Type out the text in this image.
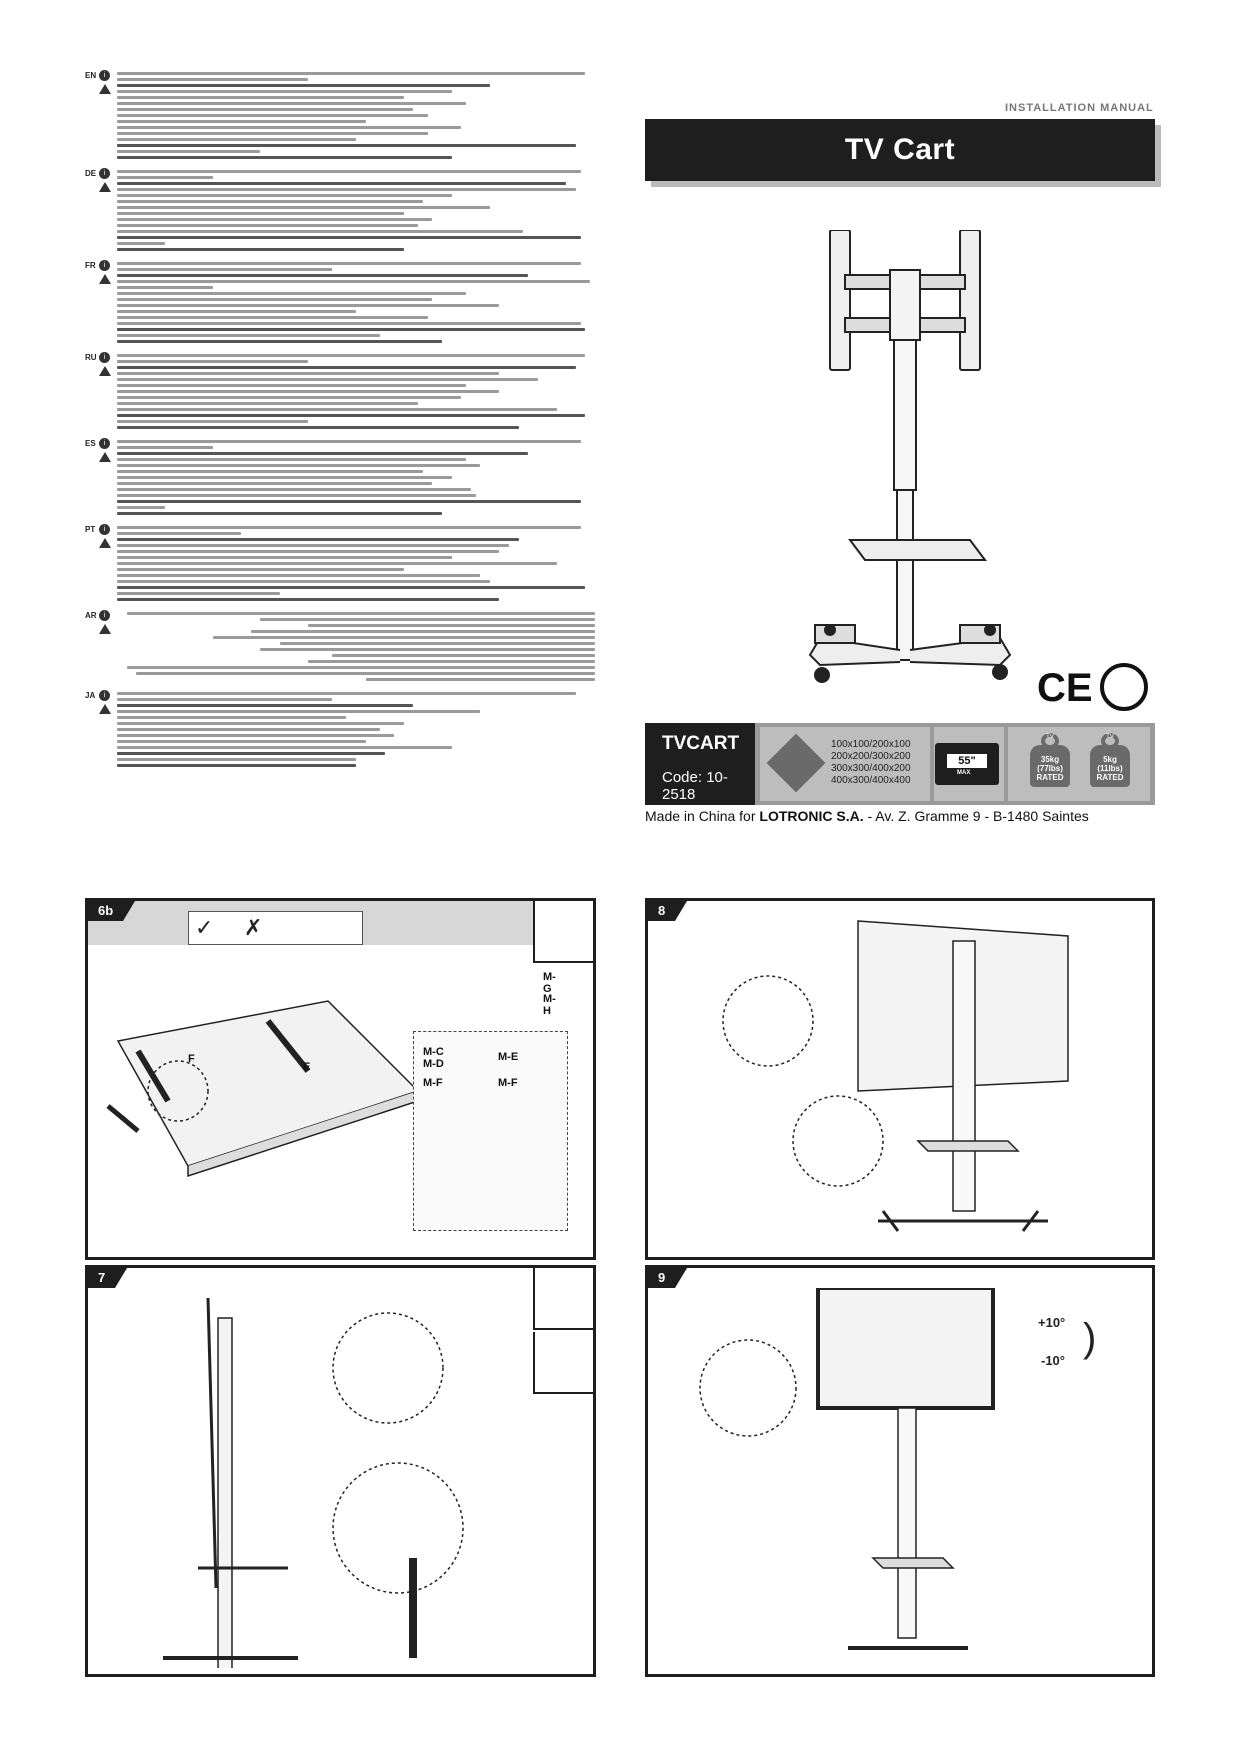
EN	i
DE	i
FR	i
RU	i
ES	i
PT	i
AR	i
JA	i
INSTALLATION MANUAL
TV Cart
CE
TVCART
Code: 10-2518
100x100/200x100
200x200/300x200
300x300/400x200
400x300/400x400
55"
MAX
TV
35kg
(77lbs)
RATED
TV
5kg
(11lbs)
RATED
Made in China for LOTRONIC S.A. - Av. Z. Gramme 9 - B-1480 Saintes
6b
✓     ✗
F
E
M-G
M-H
M-C
M-D
M-F
M-E
M-F
8
7	9
+10°
-10°
)
